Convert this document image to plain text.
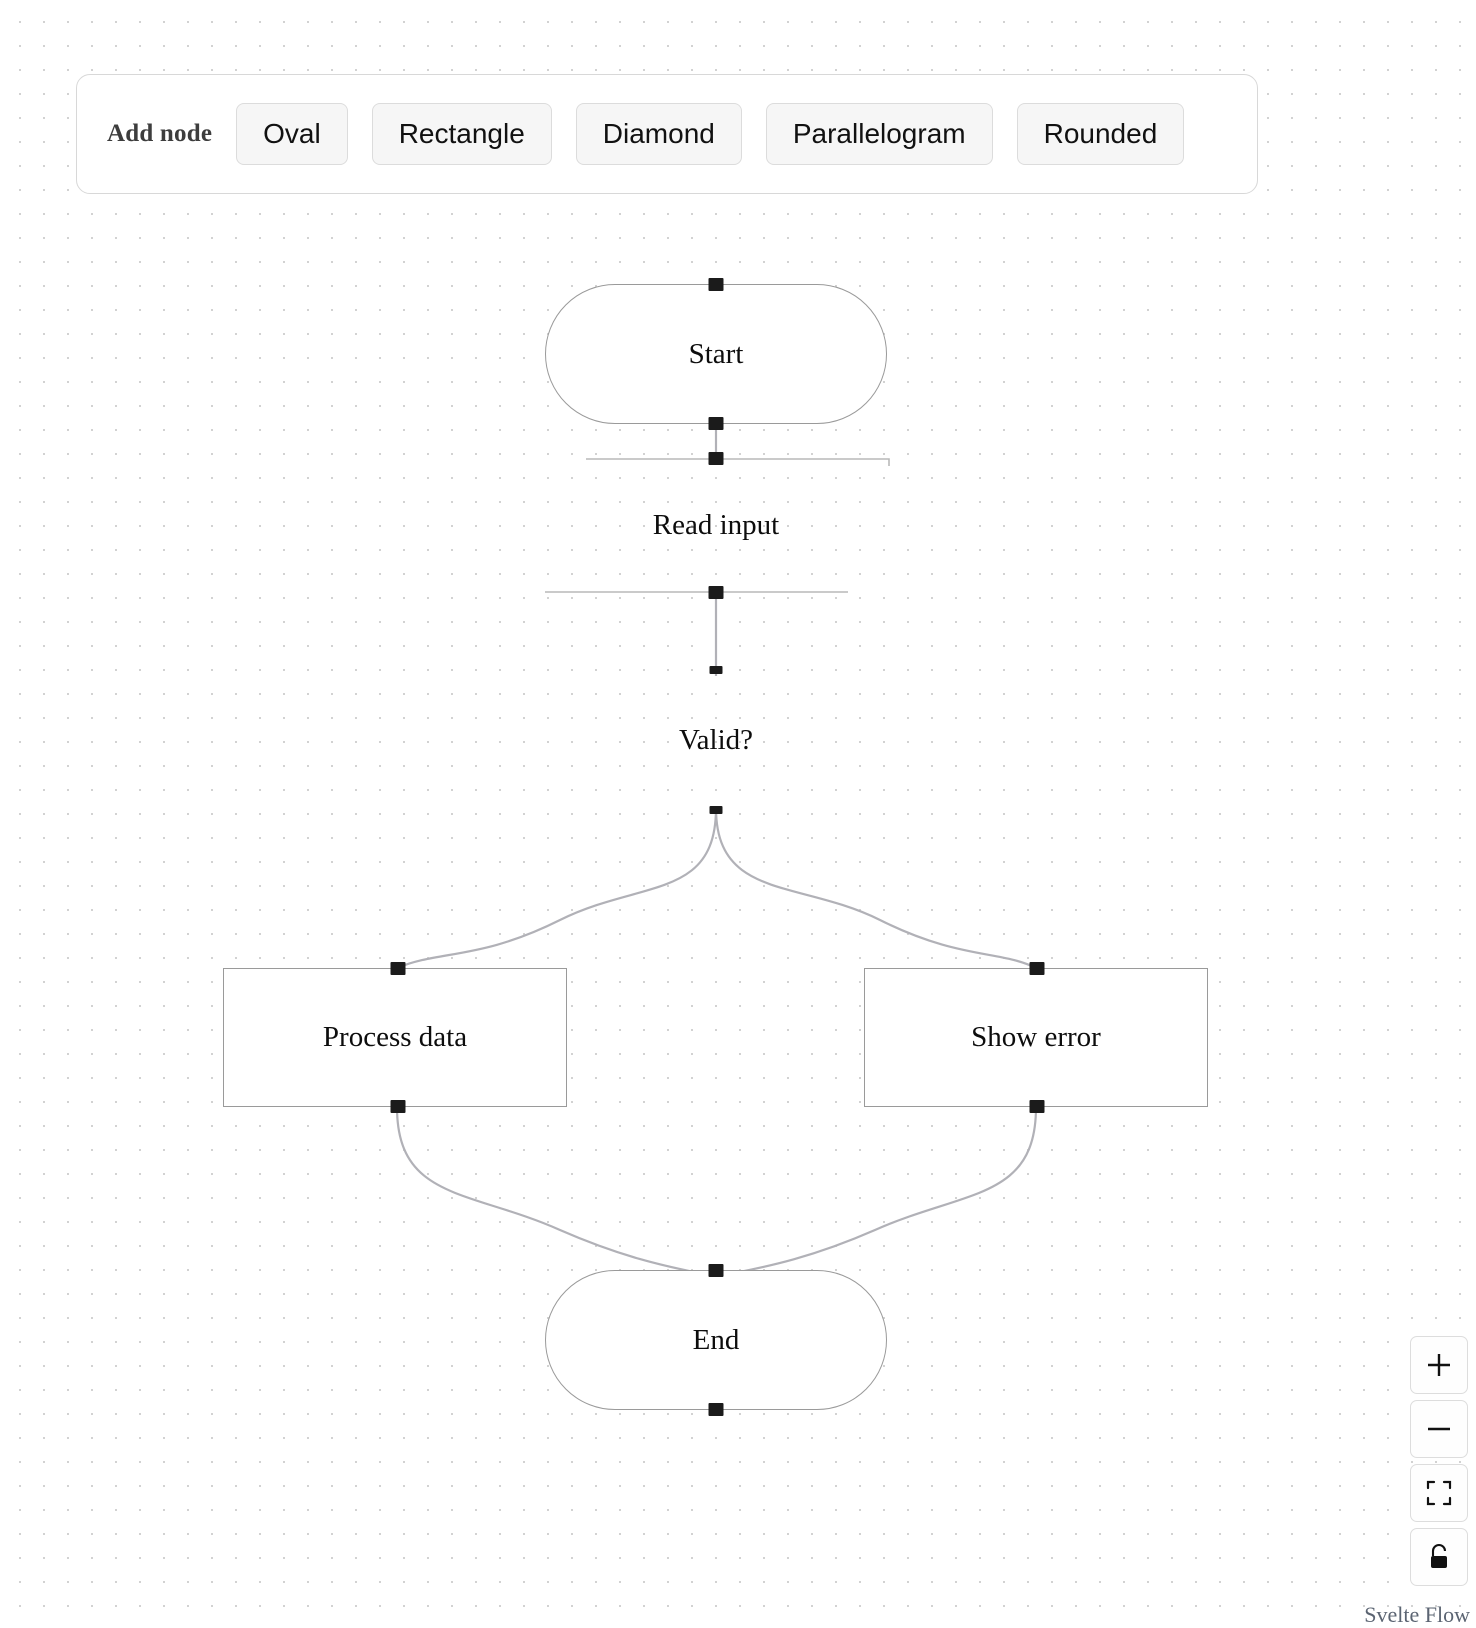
Add node	Oval	Rectangle	Diamond	Parallelogram	Rounded
Start
Read input
Valid?
Process data	Show error
End
Svelte Flow
